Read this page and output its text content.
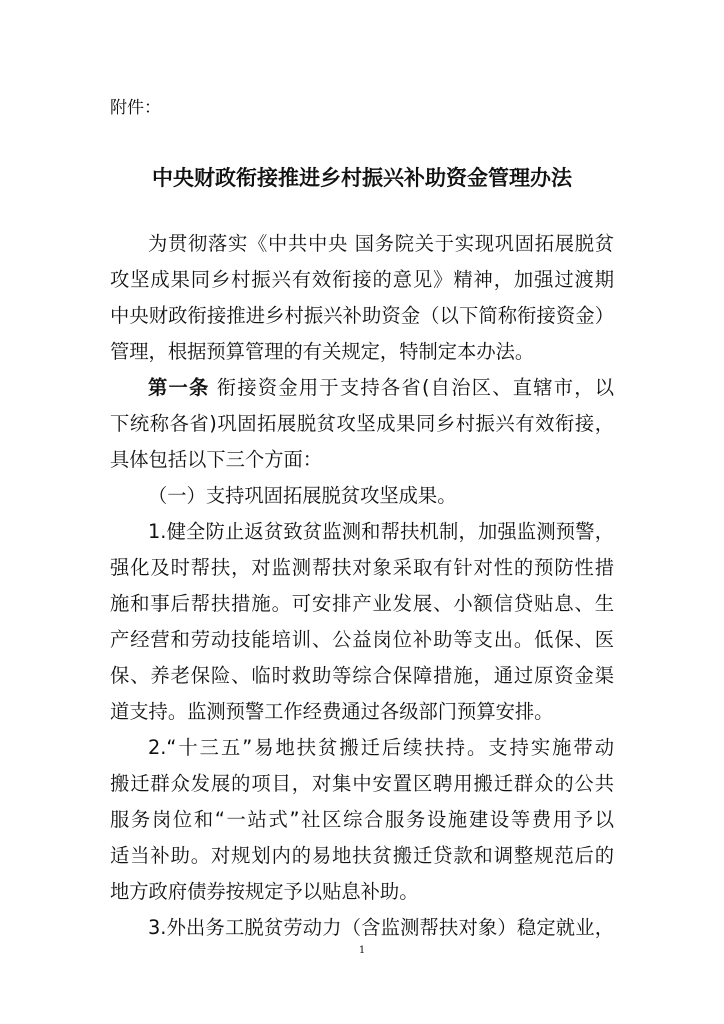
附件：
中央财政衔接推进乡村振兴补助资金管理办法
为贯彻落实《中共中央 国务院关于实现巩固拓展脱贫
攻坚成果同乡村振兴有效衔接的意见》精神，加强过渡期
中央财政衔接推进乡村振兴补助资金（以下简称衔接资金）
管理，根据预算管理的有关规定，特制定本办法。
第一条 衔接资金用于支持各省(自治区、直辖市，以
下统称各省)巩固拓展脱贫攻坚成果同乡村振兴有效衔接，
具体包括以下三个方面：
（一）支持巩固拓展脱贫攻坚成果。
1.健全防止返贫致贫监测和帮扶机制，加强监测预警，
强化及时帮扶，对监测帮扶对象采取有针对性的预防性措
施和事后帮扶措施。可安排产业发展、小额信贷贴息、生
产经营和劳动技能培训、公益岗位补助等支出。低保、医
保、养老保险、临时救助等综合保障措施，通过原资金渠
道支持。监测预警工作经费通过各级部门预算安排。
2.“十三五”易地扶贫搬迁后续扶持。支持实施带动
搬迁群众发展的项目，对集中安置区聘用搬迁群众的公共
服务岗位和“一站式”社区综合服务设施建设等费用予以
适当补助。对规划内的易地扶贫搬迁贷款和调整规范后的
地方政府债券按规定予以贴息补助。
3.外出务工脱贫劳动力（含监测帮扶对象）稳定就业，
1
